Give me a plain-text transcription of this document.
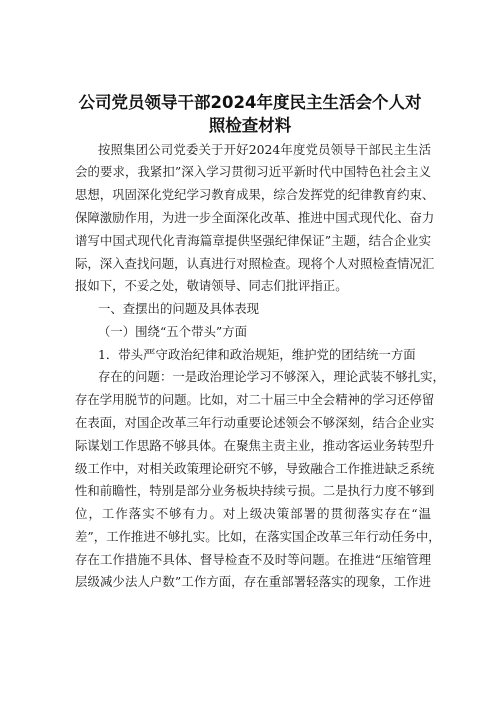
公司党员领导干部2024年度民主生活会个人对
照检查材料
按照集团公司党委关于开好2024年度党员领导干部民主生活
会的要求，我紧扣”深入学习贯彻习近平新时代中国特色社会主义
思想，巩固深化党纪学习教育成果，综合发挥党的纪律教育约束、
保障激励作用，为进一步全面深化改革、推进中国式现代化、奋力
谱写中国式现代化青海篇章提供坚强纪律保证”主题，结合企业实
际，深入查找问题，认真进行对照检查。现将个人对照检查情况汇
报如下，不妥之处，敬请领导、同志们批评指正。
一、查摆出的问题及具体表现
（一）围绕“五个带头”方面
1．带头严守政治纪律和政治规矩，维护党的团结统一方面
存在的问题：一是政治理论学习不够深入，理论武装不够扎实，
存在学用脱节的问题。比如，对二十届三中全会精神的学习还停留
在表面，对国企改革三年行动重要论述领会不够深刻，结合企业实
际谋划工作思路不够具体。在聚焦主责主业，推动客运业务转型升
级工作中，对相关政策理论研究不够，导致融合工作推进缺乏系统
性和前瞻性，特别是部分业务板块持续亏损。二是执行力度不够到
位，工作落实不够有力。对上级决策部署的贯彻落实存在“温
差”，工作推进不够扎实。比如，在落实国企改革三年行动任务中，
存在工作措施不具体、督导检查不及时等问题。在推进“压缩管理
层级减少法人户数”工作方面，存在重部署轻落实的现象，工作进
